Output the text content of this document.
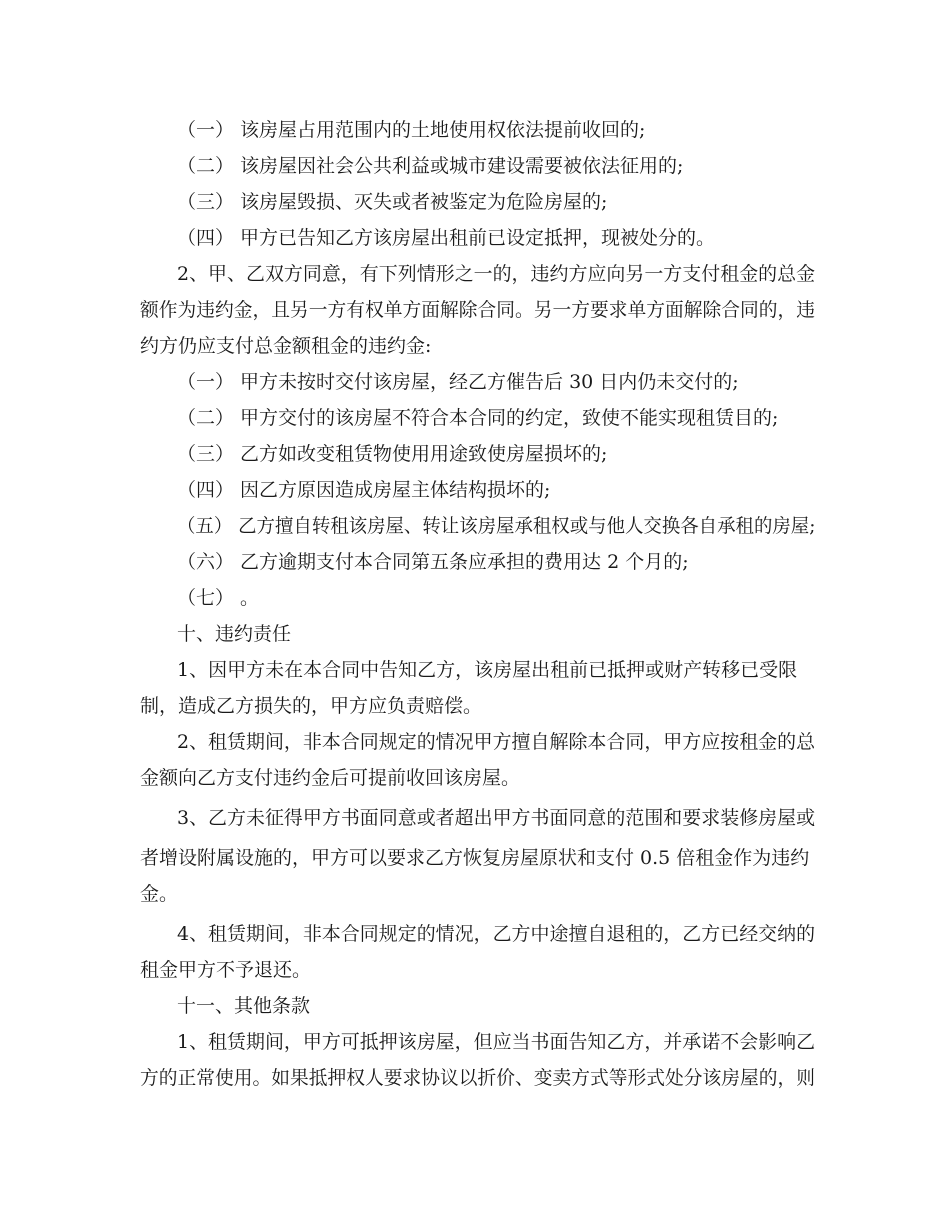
（一） 该房屋占用范围内的土地使用权依法提前收回的;
（二） 该房屋因社会公共利益或城市建设需要被依法征用的;
（三） 该房屋毁损、灭失或者被鉴定为危险房屋的;
（四） 甲方已告知乙方该房屋出租前已设定抵押，现被处分的。
2、甲、乙双方同意，有下列情形之一的，违约方应向另一方支付租金的总金
额作为违约金，且另一方有权单方面解除合同。另一方要求单方面解除合同的，违
约方仍应支付总金额租金的违约金:
（一） 甲方未按时交付该房屋，经乙方催告后 30 日内仍未交付的;
（二） 甲方交付的该房屋不符合本合同的约定，致使不能实现租赁目的;
（三） 乙方如改变租赁物使用用途致使房屋损坏的;
（四） 因乙方原因造成房屋主体结构损坏的;
（五） 乙方擅自转租该房屋、转让该房屋承租权或与他人交换各自承租的房屋;
（六） 乙方逾期支付本合同第五条应承担的费用达 2 个月的;
（七） 。
十、违约责任
1、因甲方未在本合同中告知乙方，该房屋出租前已抵押或财产转移已受限
制，造成乙方损失的，甲方应负责赔偿。
2、租赁期间，非本合同规定的情况甲方擅自解除本合同，甲方应按租金的总
金额向乙方支付违约金后可提前收回该房屋。
3、乙方未征得甲方书面同意或者超出甲方书面同意的范围和要求装修房屋或
者增设附属设施的，甲方可以要求乙方恢复房屋原状和支付 0.5 倍租金作为违约
金。
4、租赁期间，非本合同规定的情况，乙方中途擅自退租的，乙方已经交纳的
租金甲方不予退还。
十一、其他条款
1、租赁期间，甲方可抵押该房屋，但应当书面告知乙方，并承诺不会影响乙
方的正常使用。如果抵押权人要求协议以折价、变卖方式等形式处分该房屋的，则
